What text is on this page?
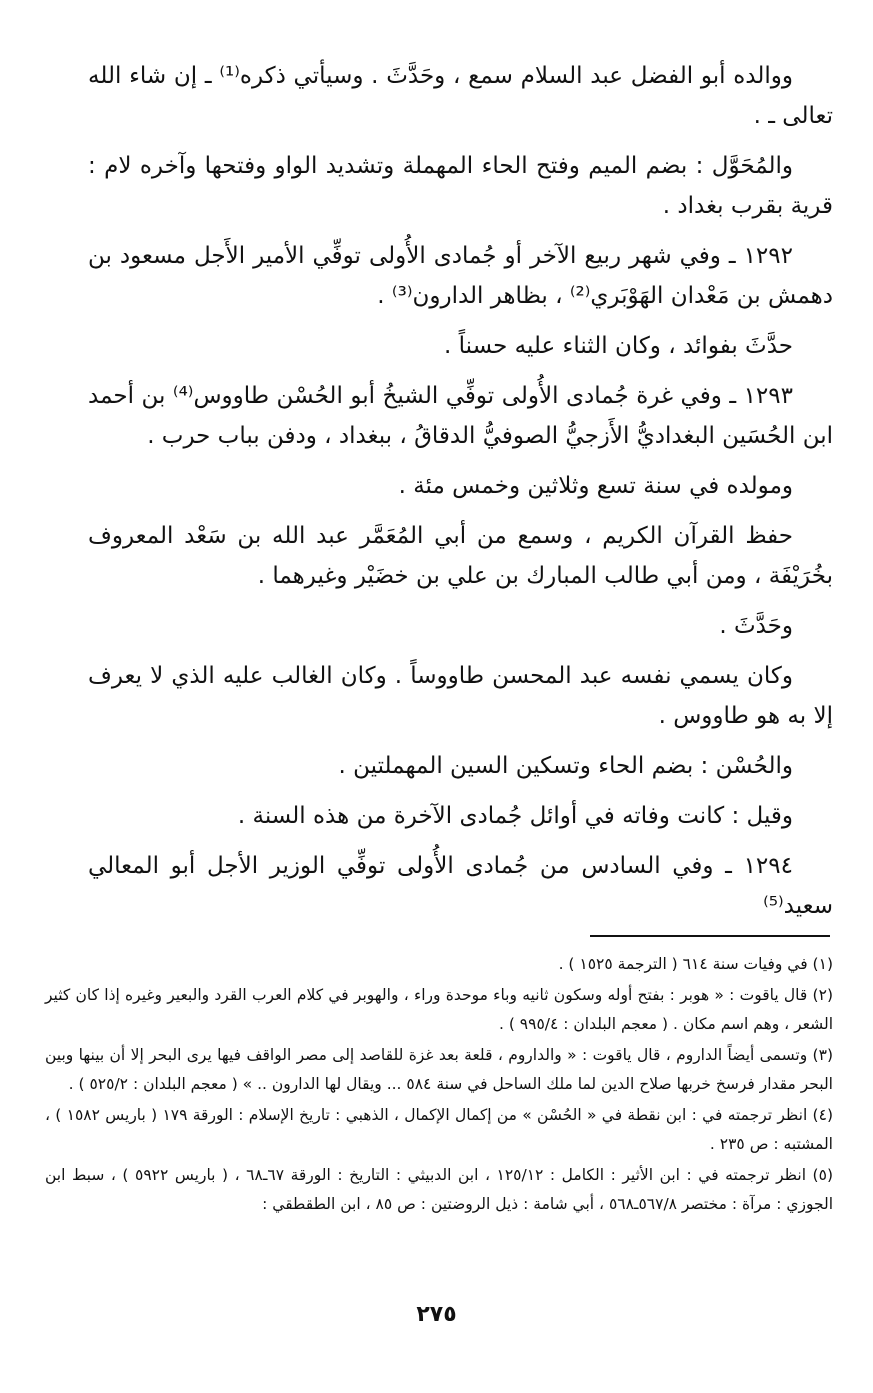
ووالده أبو الفضل عبد السلام سمع ، وحَدَّثَ . وسيأتي ذكره⁽¹⁾ ـ إن شاء الله تعالى ـ .

والمُحَوَّل : بضم الميم وفتح الحاء المهملة وتشديد الواو وفتحها وآخره لام : قرية بقرب بغداد .

١٢٩٢ ـ وفي شهر ربيع الآخر أو جُمادى الأُولى توفِّي الأمير الأَجل مسعود بن دهمش بن مَعْدان الهَوْبَري⁽²⁾ ، بظاهر الدارون⁽³⁾ .

حدَّثَ بفوائد ، وكان الثناء عليه حسناً .

١٢٩٣ ـ وفي غرة جُمادى الأُولى توفِّي الشيخُ أبو الحُسْن طاووس⁽⁴⁾ بن أحمد ابن الحُسَين البغداديُّ الأَزجيُّ الصوفيُّ الدقاقُ ، ببغداد ، ودفن بباب حرب .

ومولده في سنة تسع وثلاثين وخمس مئة .

حفظ القرآن الكريم ، وسمع من أبي المُعَمَّر عبد الله بن سَعْد المعروف بخُرَيْفَة ، ومن أبي طالب المبارك بن علي بن خضَيْر وغيرهما .

وحَدَّثَ .

وكان يسمي نفسه عبد المحسن طاووساً . وكان الغالب عليه الذي لا يعرف إلا به هو طاووس .

والحُسْن : بضم الحاء وتسكين السين المهملتين .

وقيل : كانت وفاته في أوائل جُمادى الآخرة من هذه السنة .

١٢٩٤ ـ وفي السادس من جُمادى الأُولى توفِّي الوزير الأجل أبو المعالي سعيد⁽⁵⁾

(١) في وفيات سنة ٦١٤ ( الترجمة ١٥٢٥ ) .

(٢) قال ياقوت : « هوبر : بفتح أوله وسكون ثانيه وباء موحدة وراء ، والهوبر في كلام العرب القرد والبعير وغيره إذا كان كثير الشعر ، وهم اسم مكان . ( معجم البلدان : ٩٩٥/٤ ) .

(٣) وتسمى أيضاً الداروم ، قال ياقوت : « والداروم ، قلعة بعد غزة للقاصد إلى مصر الواقف فيها يرى البحر إلا أن بينها وبين البحر مقدار فرسخ خربها صلاح الدين لما ملك الساحل في سنة ٥٨٤ ... ويقال لها الدارون .. » ( معجم البلدان : ٥٢٥/٢ ) .

(٤) انظر ترجمته في : ابن نقطة في « الحُسْن » من إكمال الإكمال ، الذهبي : تاريخ الإسلام : الورقة ١٧٩ ( باريس ١٥٨٢ ) ، المشتبه : ص ٢٣٥ .

(٥) انظر ترجمته في : ابن الأثير : الكامل : ١٢٥/١٢ ، ابن الدبيثي : التاريخ : الورقة ٦٧ـ٦٨ ، ( باريس ٥٩٢٢ ) ، سبط ابن الجوزي : مرآة : مختصر ٥٦٧/٨ـ٥٦٨ ، أبي شامة : ذيل الروضتين : ص ٨٥ ، ابن الطقطقي :

٢٧٥
